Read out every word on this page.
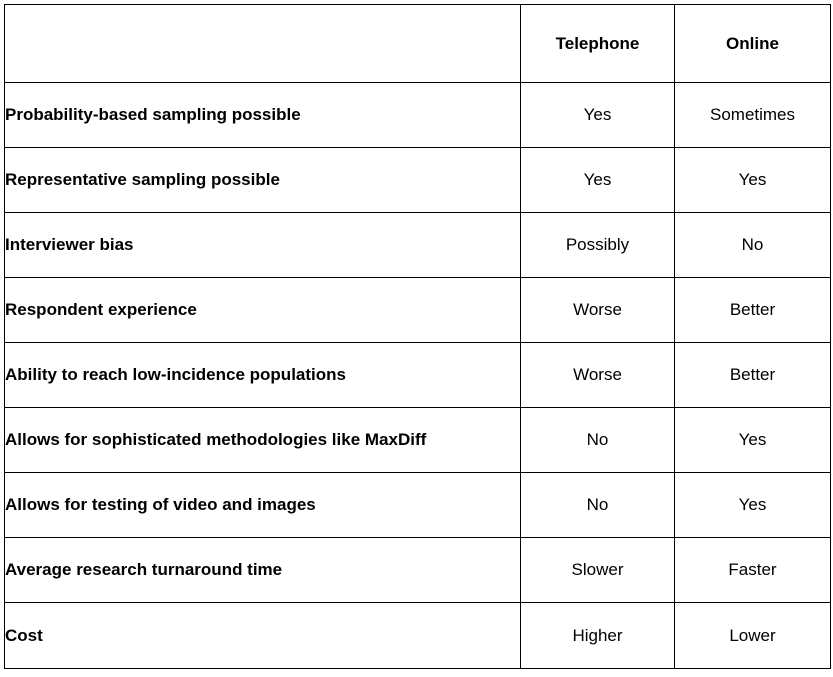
	Telephone	Online
Probability-based sampling possible	Yes	Sometimes
Representative sampling possible	Yes	Yes
Interviewer bias	Possibly	No
Respondent experience	Worse	Better
Ability to reach low-incidence populations	Worse	Better
Allows for sophisticated methodologies like MaxDiff	No	Yes
Allows for testing of video and images	No	Yes
Average research turnaround time	Slower	Faster
Cost	Higher	Lower
